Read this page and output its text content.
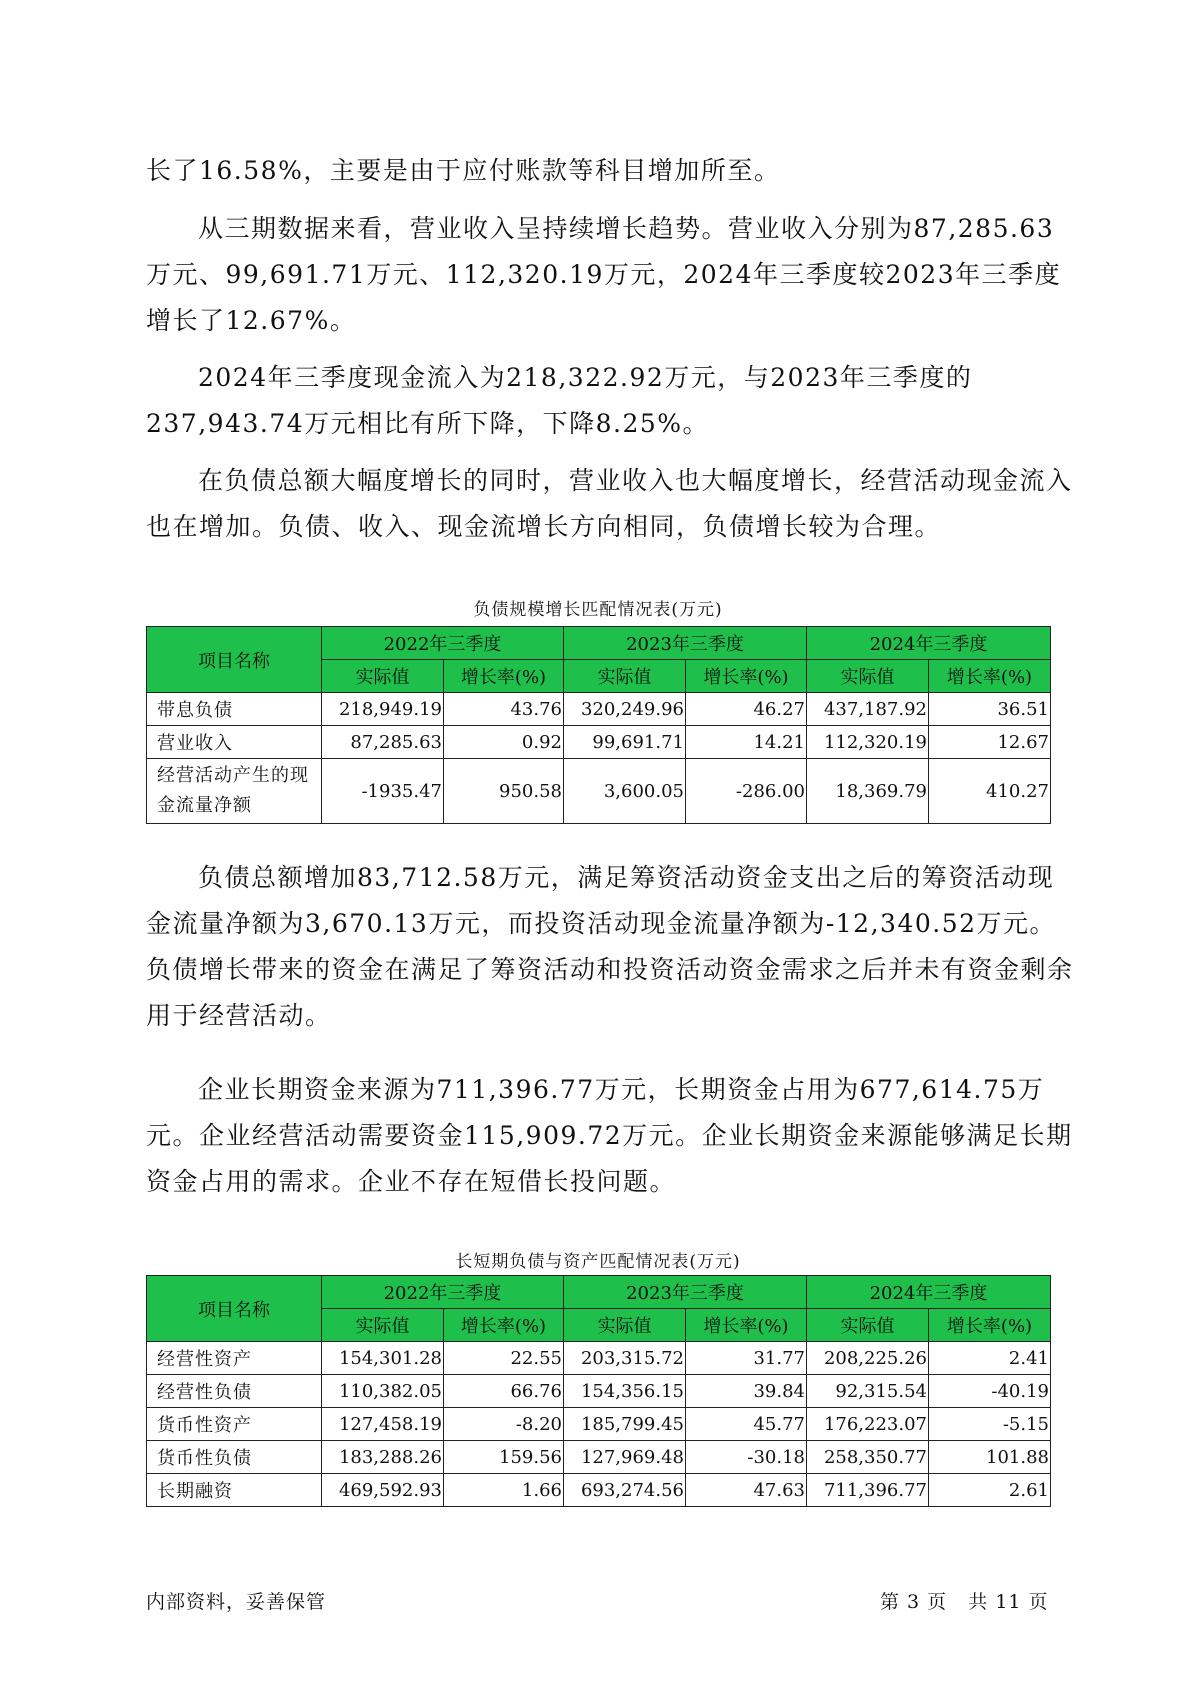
长了16.58%，主要是由于应付账款等科目增加所至。

从三期数据来看，营业收入呈持续增长趋势。营业收入分别为87,285.63万元、99,691.71万元、112,320.19万元，2024年三季度较2023年三季度增长了12.67%。

2024年三季度现金流入为218,322.92万元，与2023年三季度的237,943.74万元相比有所下降，下降8.25%。

在负债总额大幅度增长的同时，营业收入也大幅度增长，经营活动现金流入也在增加。负债、收入、现金流增长方向相同，负债增长较为合理。

负债规模增长匹配情况表(万元)
项目名称	2022年三季度		2023年三季度		2024年三季度	
	实际值	增长率(%)	实际值	增长率(%)	实际值	增长率(%)
带息负债	218,949.19	43.76	320,249.96	46.27	437,187.92	36.51
营业收入	87,285.63	0.92	99,691.71	14.21	112,320.19	12.67
经营活动产生的现金流量净额	-1935.47	950.58	3,600.05	-286.00	18,369.79	410.27

负债总额增加83,712.58万元，满足筹资活动资金支出之后的筹资活动现金流量净额为3,670.13万元，而投资活动现金流量净额为-12,340.52万元。负债增长带来的资金在满足了筹资活动和投资活动资金需求之后并未有资金剩余用于经营活动。

企业长期资金来源为711,396.77万元，长期资金占用为677,614.75万元。企业经营活动需要资金115,909.72万元。企业长期资金来源能够满足长期资金占用的需求。企业不存在短借长投问题。

长短期负债与资产匹配情况表(万元)
项目名称	2022年三季度		2023年三季度		2024年三季度	
	实际值	增长率(%)	实际值	增长率(%)	实际值	增长率(%)
经营性资产	154,301.28	22.55	203,315.72	31.77	208,225.26	2.41
经营性负债	110,382.05	66.76	154,356.15	39.84	92,315.54	-40.19
货币性资产	127,458.19	-8.20	185,799.45	45.77	176,223.07	-5.15
货币性负债	183,288.26	159.56	127,969.48	-30.18	258,350.77	101.88
长期融资	469,592.93	1.66	693,274.56	47.63	711,396.77	2.61
内部资料，妥善保管	第 3 页   共 11 页
